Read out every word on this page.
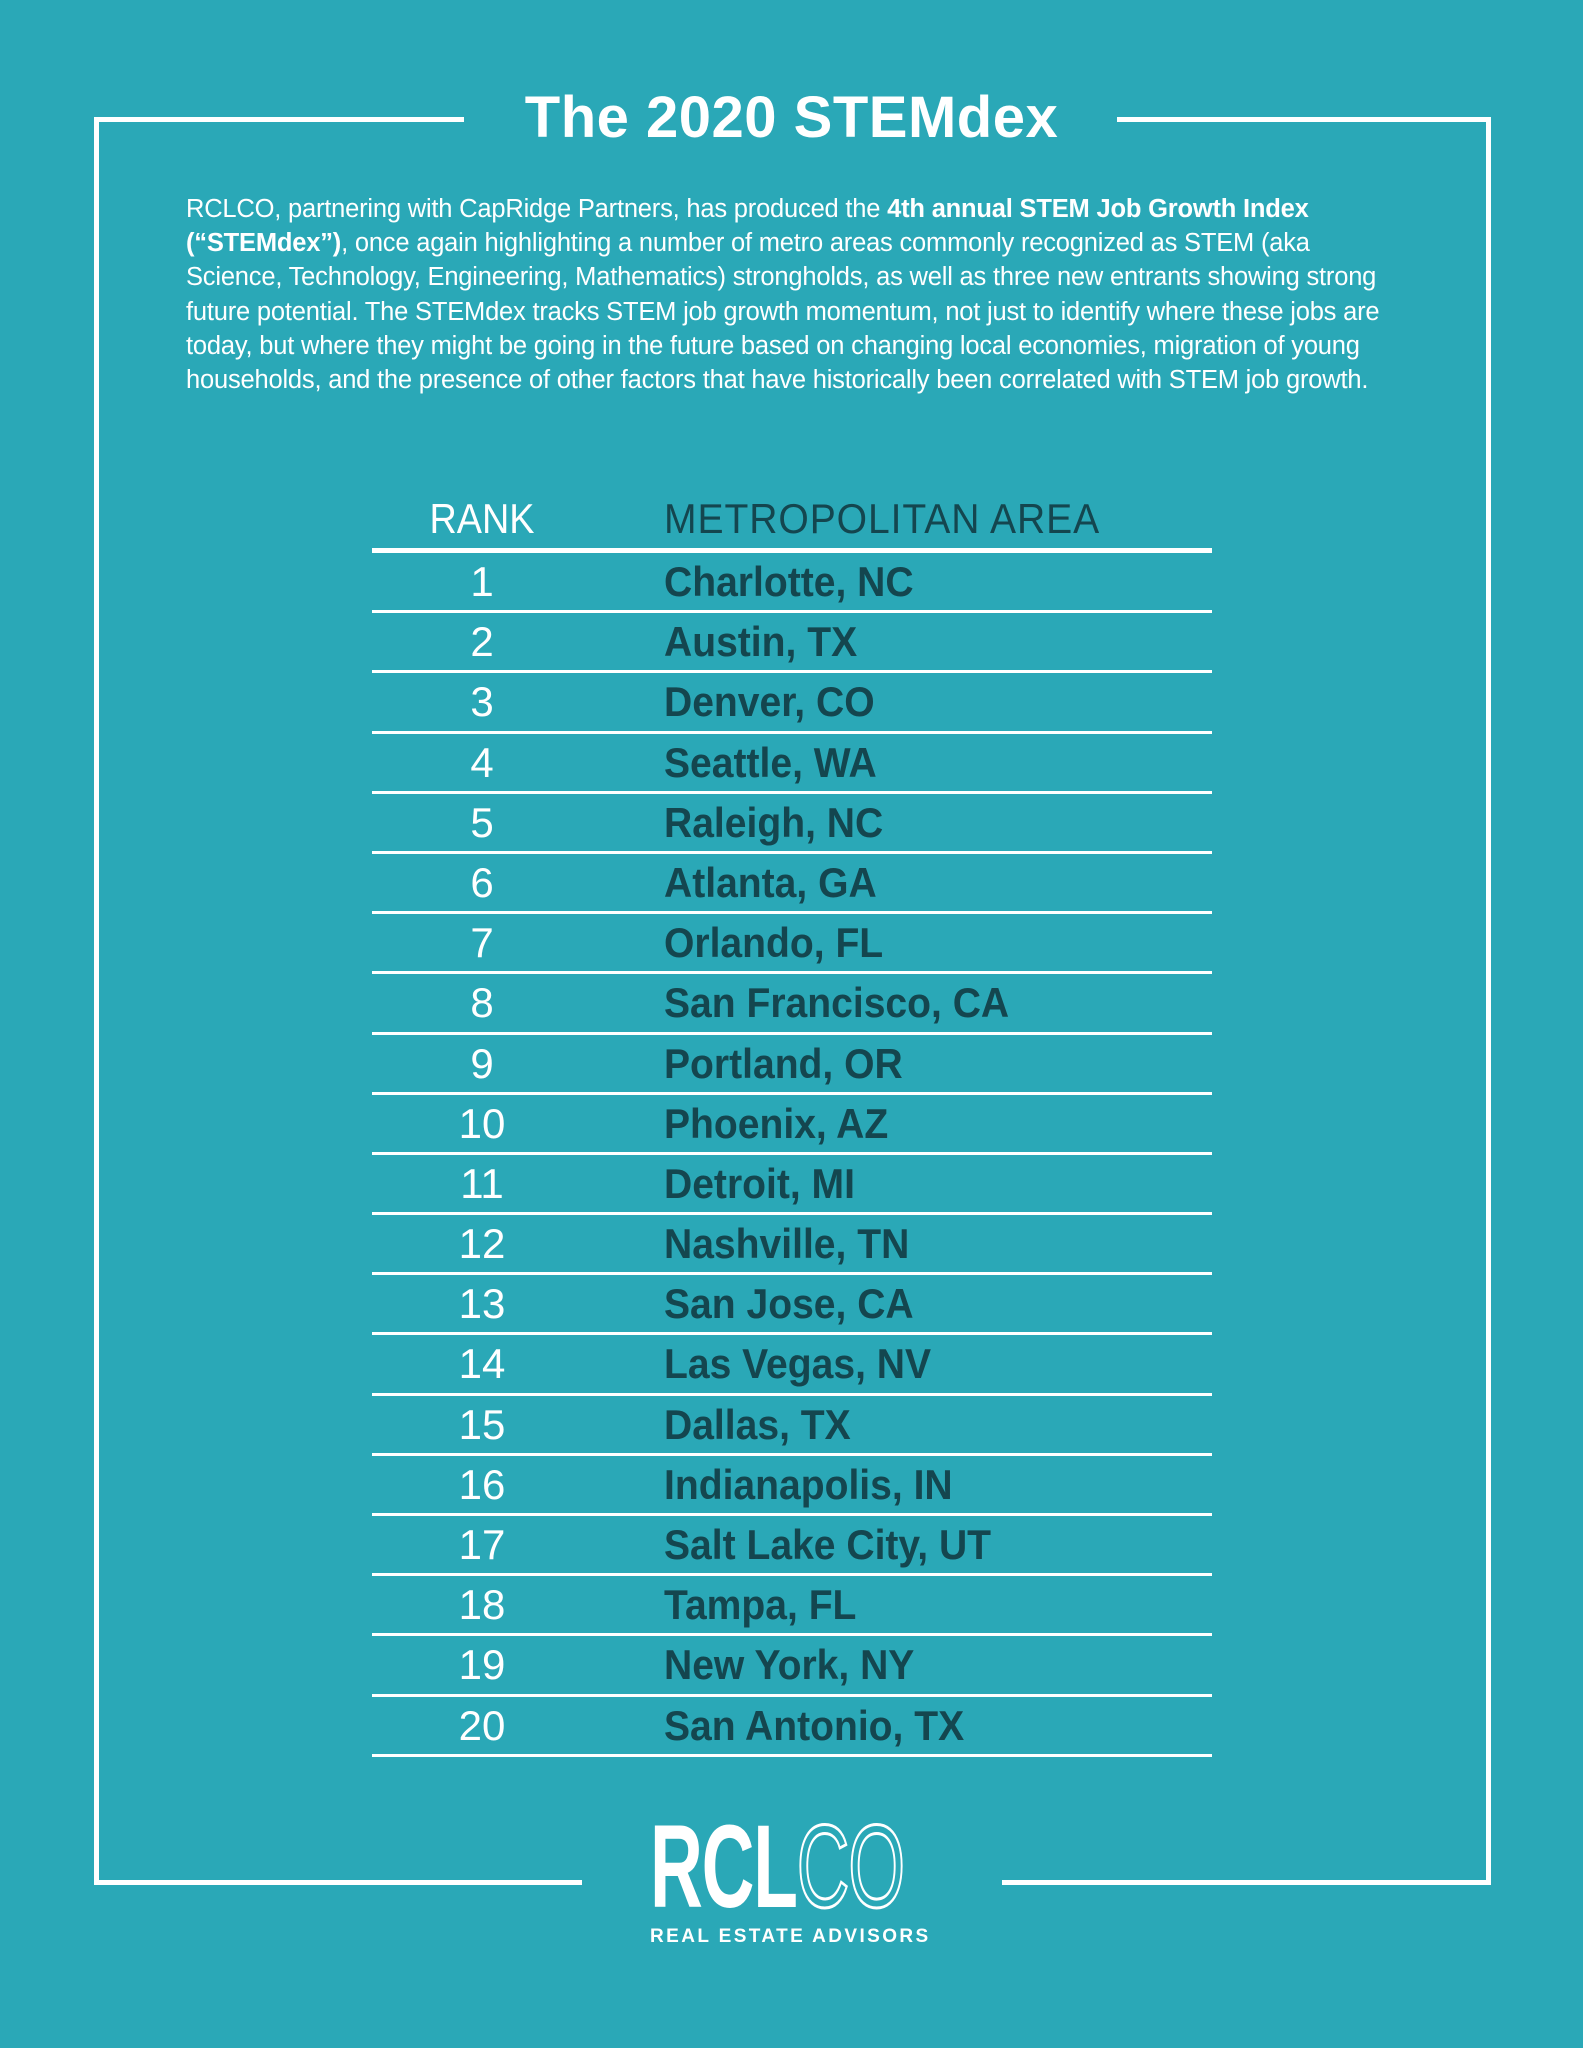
The 2020 STEMdex

RCLCO, partnering with CapRidge Partners, has produced the 4th annual STEM Job Growth Index (“STEMdex”), once again highlighting a number of metro areas commonly recognized as STEM (aka Science, Technology, Engineering, Mathematics) strongholds, as well as three new entrants showing strong future potential. The STEMdex tracks STEM job growth momentum, not just to identify where these jobs are today, but where they might be going in the future based on changing local economies, migration of young households, and the presence of other factors that have historically been correlated with STEM job growth.

RANK	METROPOLITAN AREA
1	Charlotte, NC
2	Austin, TX
3	Denver, CO
4	Seattle, WA
5	Raleigh, NC
6	Atlanta, GA
7	Orlando, FL
8	San Francisco, CA
9	Portland, OR
10	Phoenix, AZ
11	Detroit, MI
12	Nashville, TN
13	San Jose, CA
14	Las Vegas, NV
15	Dallas, TX
16	Indianapolis, IN
17	Salt Lake City, UT
18	Tampa, FL
19	New York, NY
20	San Antonio, TX
RCLCO
REAL ESTATE ADVISORS
